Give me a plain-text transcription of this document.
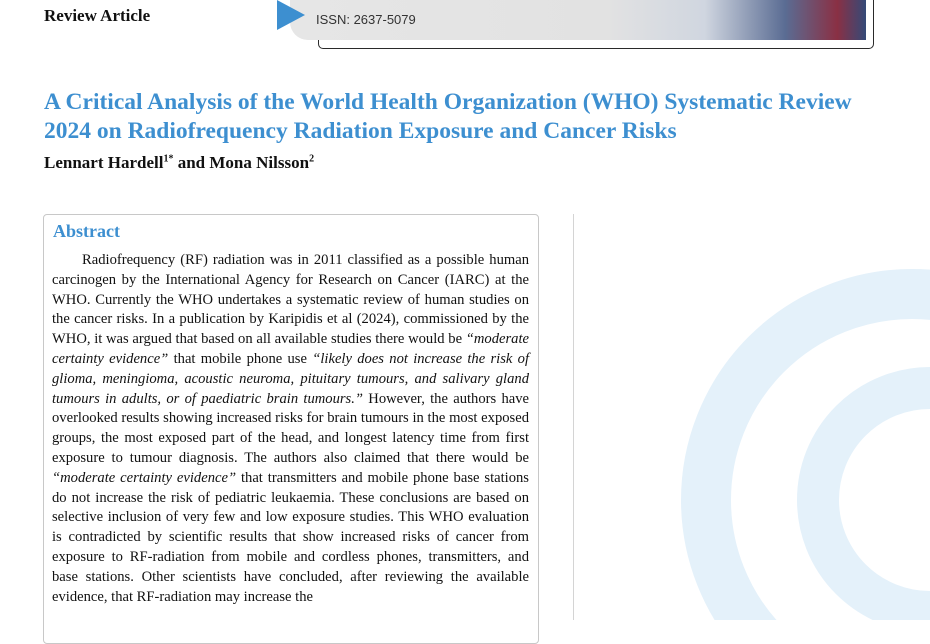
Review Article	ISSN: 2637-5079
A Critical Analysis of the World Health Organization (WHO) Systematic Review 2024 on Radiofrequency Radiation Exposure and Cancer Risks
Lennart Hardell$^{1*}$ and Mona Nilsson$^2$
Abstract

Radiofrequency (RF) radiation was in 2011 classified as a possible human carcinogen by the International Agency for Research on Cancer (IARC) at the WHO. Currently the WHO undertakes a systematic review of human studies on the cancer risks. In a publication by Karipidis et al (2024), commissioned by the WHO, it was argued that based on all available studies there would be “moderate certainty evidence” that mobile phone use “likely does not increase the risk of glioma, meningioma, acoustic neuroma, pituitary tumours, and salivary gland tumours in adults, or of paediatric brain tumours.” However, the authors have overlooked results showing increased risks for brain tumours in the most exposed groups, the most exposed part of the head, and longest latency time from first exposure to tumour diagnosis. The authors also claimed that there would be “moderate certainty evidence” that transmitters and mobile phone base stations do not increase the risk of pediatric leukaemia. These conclusions are based on selective inclusion of very few and low exposure studies. This WHO evaluation is contradicted by scientific results that show increased risks of cancer from exposure to RF-radiation from mobile and cordless phones, transmitters, and base stations. Other scientists have concluded, after reviewing the available evidence, that RF-radiation may increase the
